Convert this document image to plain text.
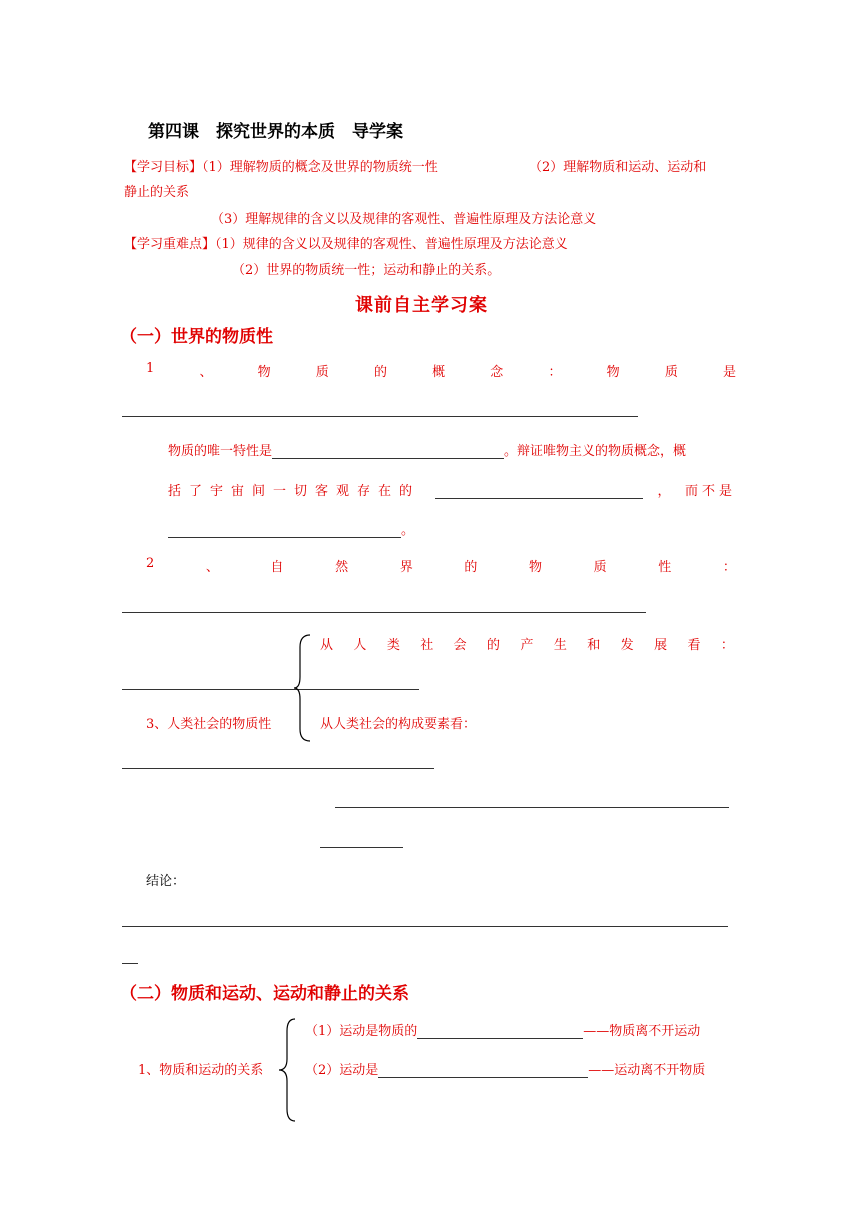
第四课　探究世界的本质　导学案
【学习目标】（1）理解物质的概念及世界的物质统一性	（2）理解物质和运动、运动和
静止的关系
（3）理解规律的含义以及规律的客观性、普遍性原理及方法论意义
【学习重难点】（1）规律的含义以及规律的客观性、普遍性原理及方法论意义
（2）世界的物质统一性；运动和静止的关系。
课前自主学习案
（一）世界的物质性
1	、	物	质	的	概	念	：	物	质	是
物质的唯一特性是	。辩证唯物主义的物质概念，概
括了宇宙间一切客观存在的	，　而不是
。
2	、	自	然	界	的	物	质	性	：
从 人 类 社 会 的 产 生 和 发 展 看 ：
3、人类社会的物质性	从人类社会的构成要素看：
结论：
（二）物质和运动、运动和静止的关系
（1）运动是物质的	——物质离不开运动
1、物质和运动的关系	（2）运动是	——运动离不开物质
